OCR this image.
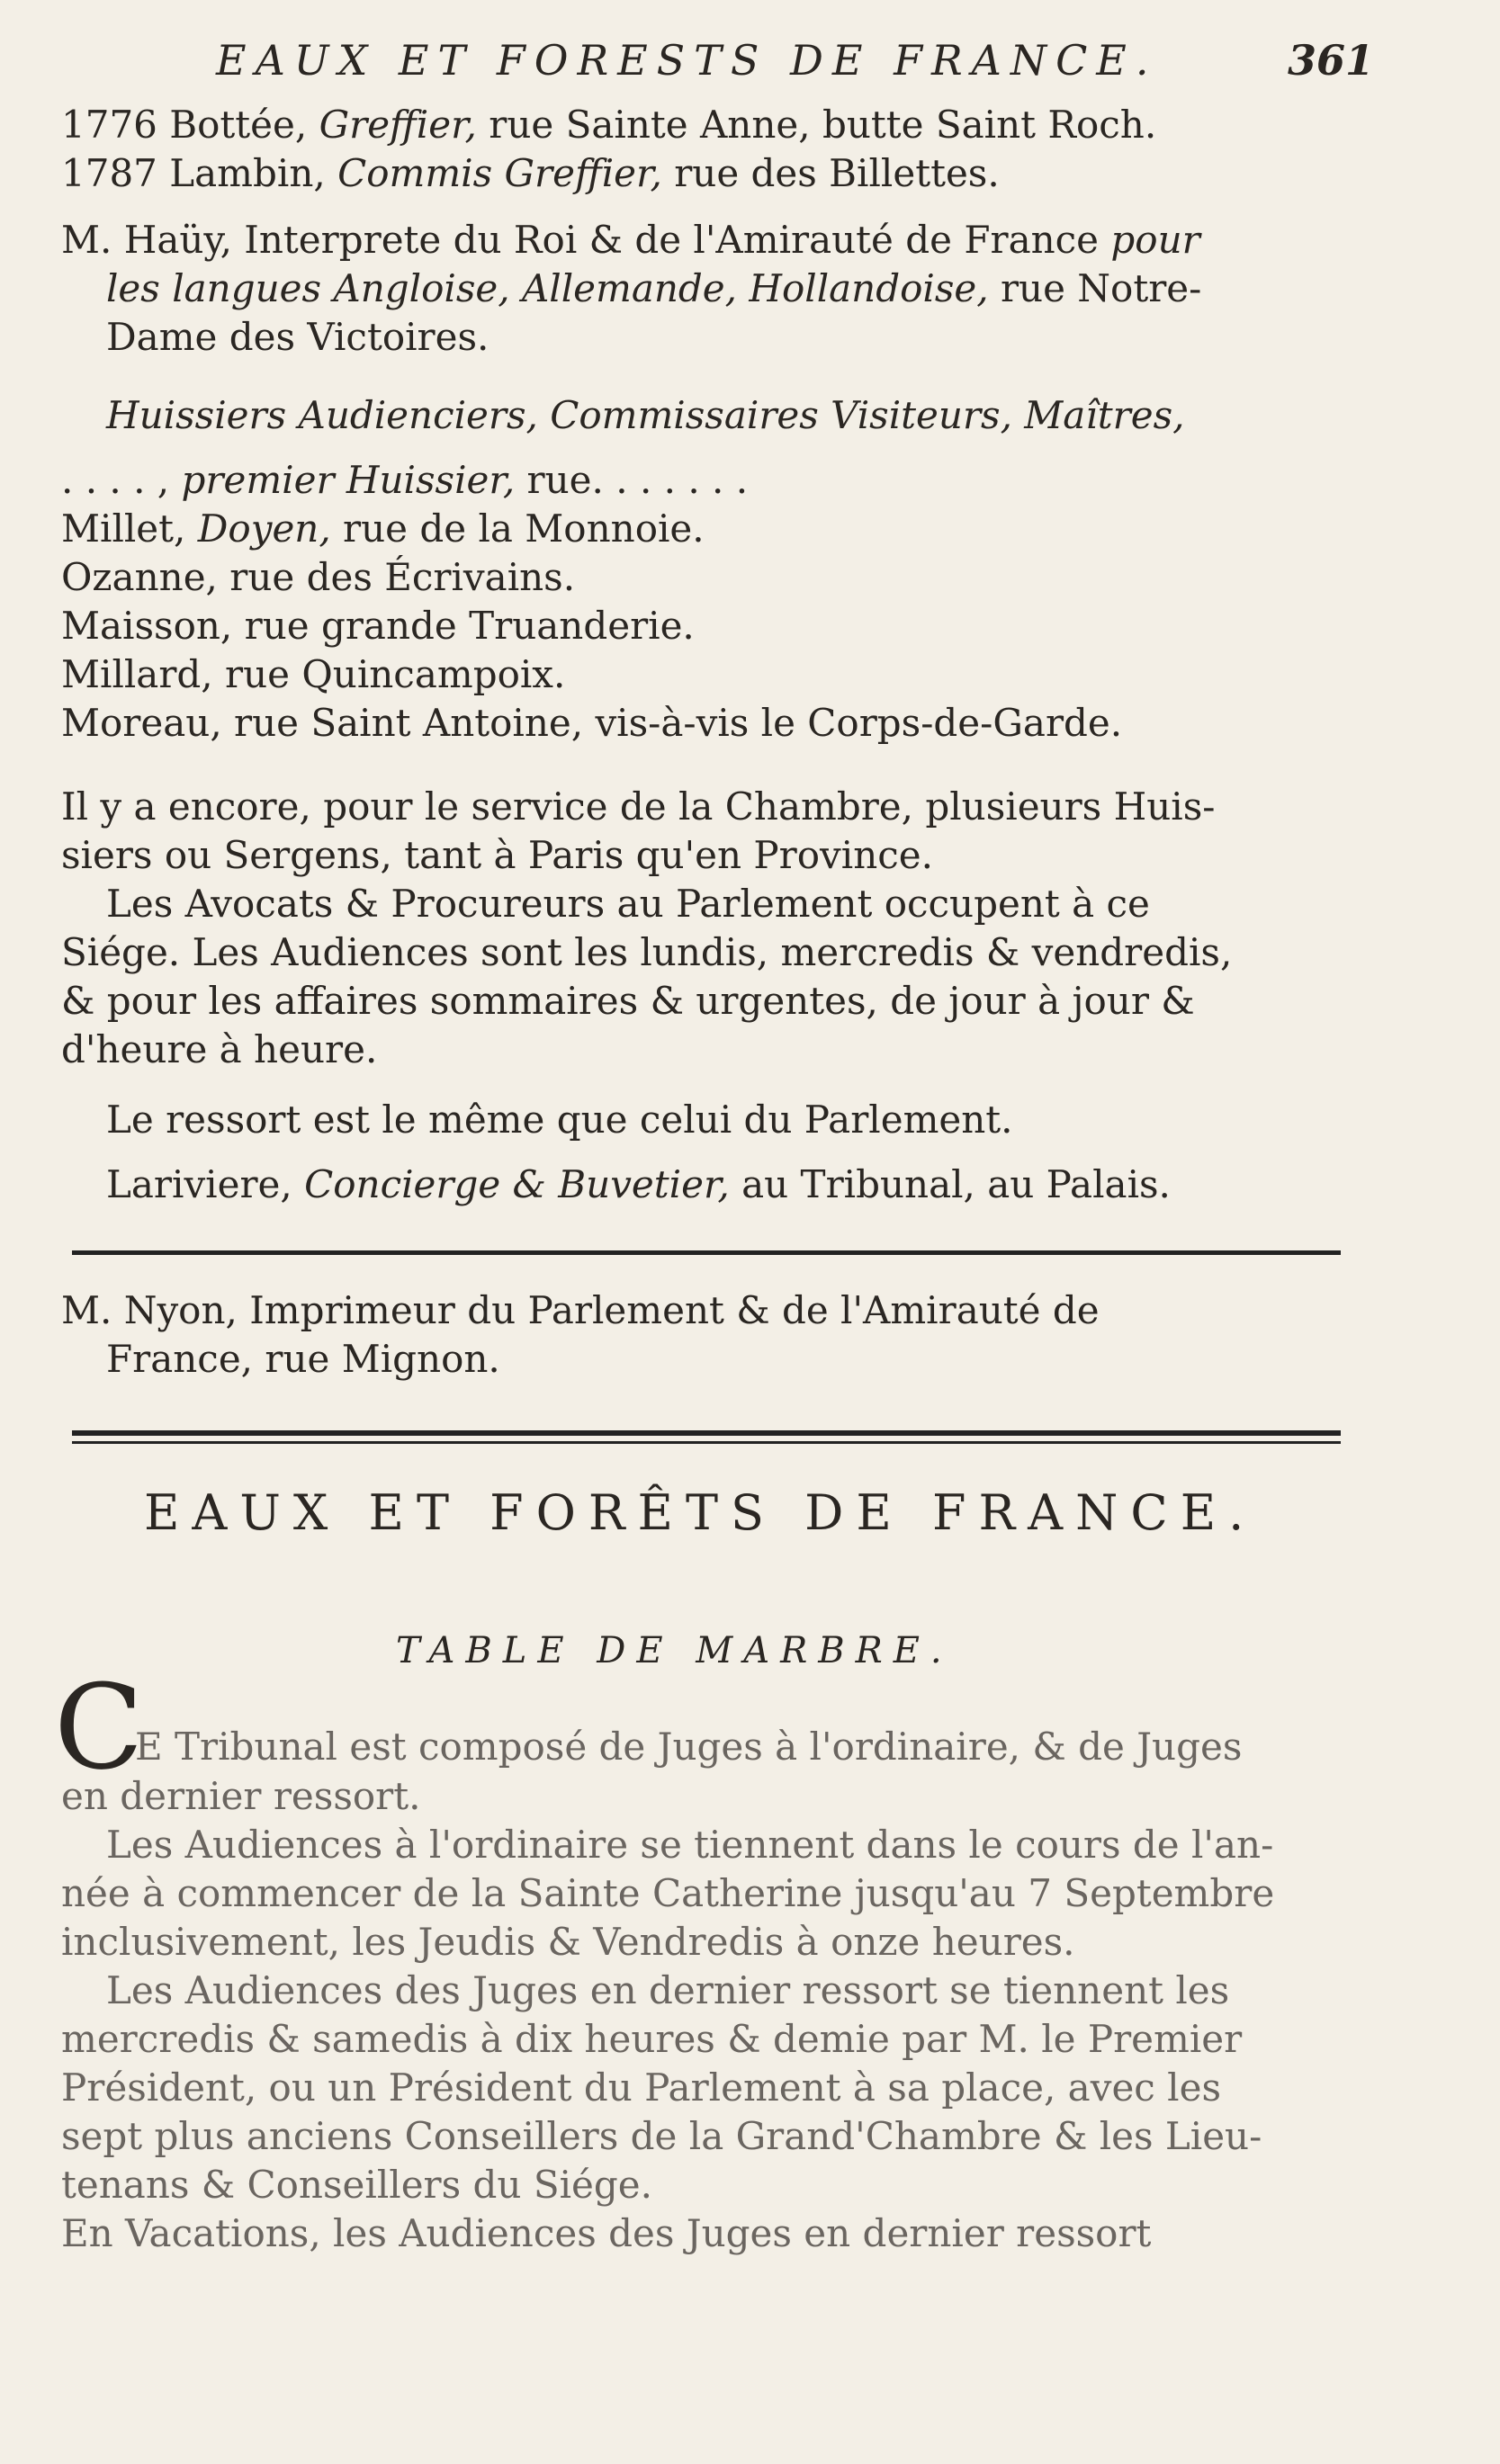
EAUX ET FORESTS DE FRANCE.	361
1776 Bottée, Greffier, rue Sainte Anne, butte Saint Roch.
1787 Lambin, Commis Greffier, rue des Billettes.
M. Haüy, Interprete du Roi & de l'Amirauté de France pour
les langues Angloise, Allemande, Hollandoise, rue Notre-
Dame des Victoires.
Huissiers Audienciers, Commissaires Visiteurs, Maîtres,
. . . . , premier Huissier, rue. . . . . . .
Millet, Doyen, rue de la Monnoie.
Ozanne, rue des Écrivains.
Maisson, rue grande Truanderie.
Millard, rue Quincampoix.
Moreau, rue Saint Antoine, vis-à-vis le Corps-de-Garde.
Il y a encore, pour le service de la Chambre, plusieurs Huis-
siers ou Sergens, tant à Paris qu'en Province.
Les Avocats & Procureurs au Parlement occupent à ce
Siége. Les Audiences sont les lundis, mercredis & vendredis,
& pour les affaires sommaires & urgentes, de jour à jour &
d'heure à heure.
Le ressort est le même que celui du Parlement.
Lariviere, Concierge & Buvetier, au Tribunal, au Palais.
M. Nyon, Imprimeur du Parlement & de l'Amirauté de
France, rue Mignon.
EAUX ET FORÊTS DE FRANCE.
TABLE DE MARBRE.
C
E Tribunal est composé de Juges à l'ordinaire, & de Juges
en dernier ressort.
Les Audiences à l'ordinaire se tiennent dans le cours de l'an-
née à commencer de la Sainte Catherine jusqu'au 7 Septembre
inclusivement, les Jeudis & Vendredis à onze heures.
Les Audiences des Juges en dernier ressort se tiennent les
mercredis & samedis à dix heures & demie par M. le Premier
Président, ou un Président du Parlement à sa place, avec les
sept plus anciens Conseillers de la Grand'Chambre & les Lieu-
tenans & Conseillers du Siége.
En Vacations, les Audiences des Juges en dernier ressort
